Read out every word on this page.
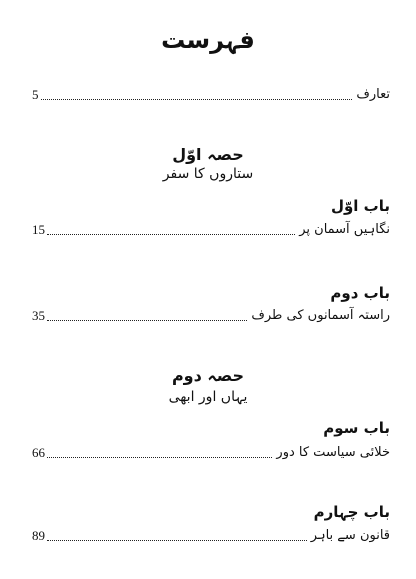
فہرست
تعارف
5
حصہ اوّل
ستاروں کا سفر
باب اوّل
نگاہیں آسمان پر
15
باب دوم
راستہ آسمانوں کی طرف
35
حصہ دوم
یہاں اور ابھی
باب سوم
خلائی سیاست کا دور
66
باب چہارم
قانون سے باہر
89
